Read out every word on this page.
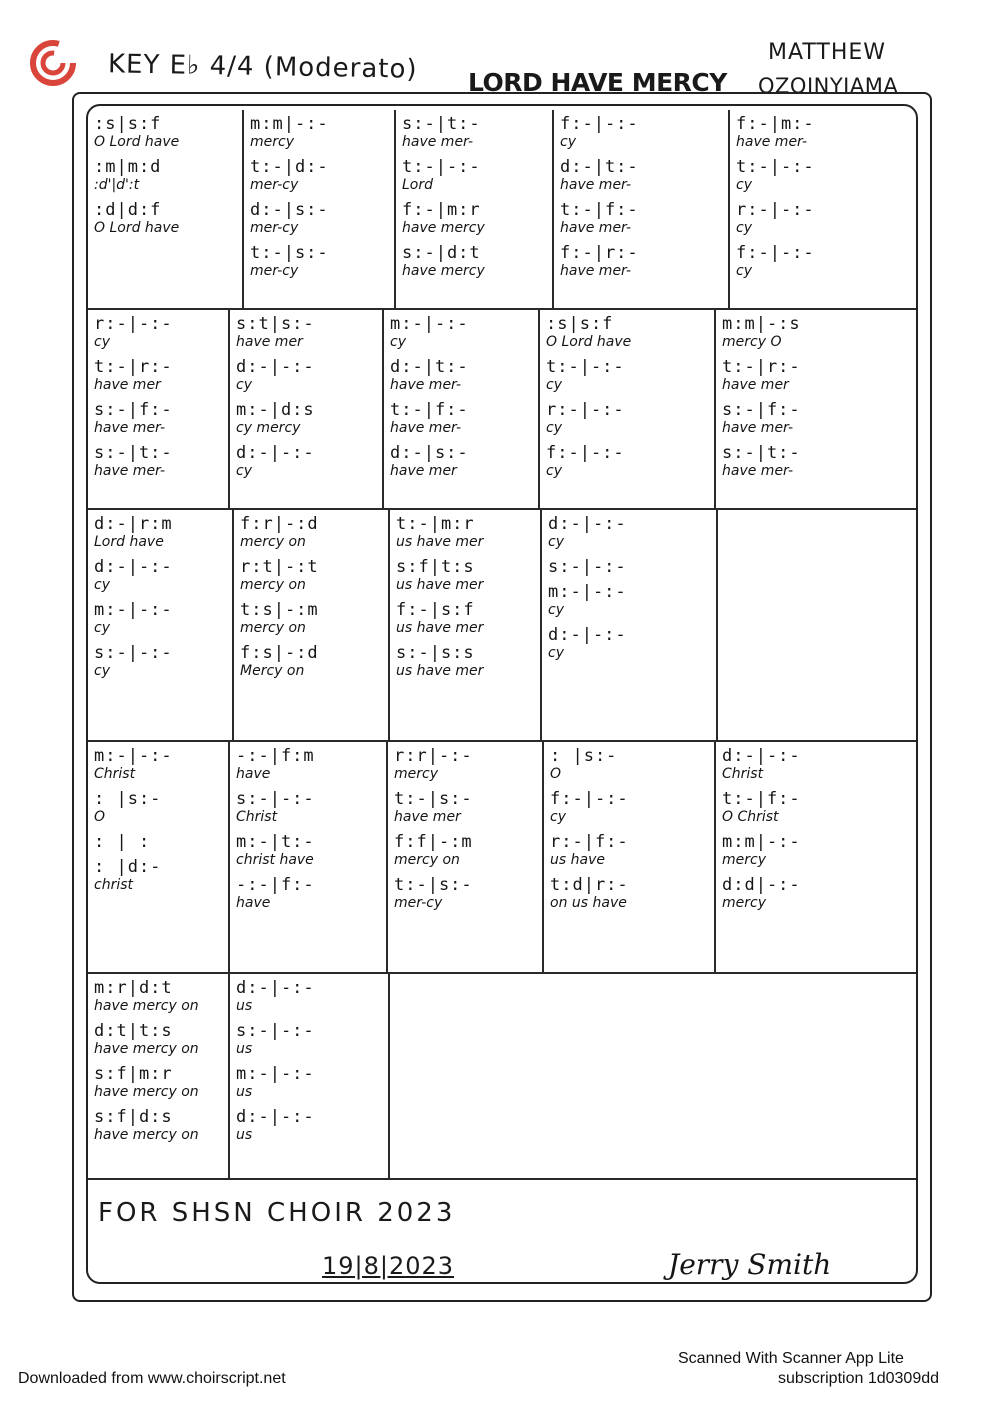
KEY E♭ 4/4 (Moderato) LORD HAVE MERCY
MATTHEW
OZOINYIAMA
:s|s:f
O Lord have
:m|m:d
:d'|d':t
:d|d:f
O Lord have
m:m|-:-
mercy
t:-|d:-
mer-cy
d:-|s:-
mer-cy
t:-|s:-
mer-cy
s:-|t:-
have mer-
t:-|-:-
Lord
f:-|m:r
have mercy
s:-|d:t
have mercy
f:-|-:-
cy
d:-|t:-
have mer-
t:-|f:-
have mer-
f:-|r:-
have mer-
f:-|m:-
have mer-
t:-|-:-
cy
r:-|-:-
cy
f:-|-:-
cy
r:-|-:-
cy
t:-|r:-
have mer
s:-|f:-
have mer-
s:-|t:-
have mer-
s:t|s:-
have mer
d:-|-:-
cy
m:-|d:s
cy mercy
d:-|-:-
cy
m:-|-:-
cy
d:-|t:-
have mer-
t:-|f:-
have mer-
d:-|s:-
have mer
:s|s:f
O Lord have
t:-|-:-
cy
r:-|-:-
cy
f:-|-:-
cy
m:m|-:s
mercy O
t:-|r:-
have mer
s:-|f:-
have mer-
s:-|t:-
have mer-
d:-|r:m
Lord have
d:-|-:-
cy
m:-|-:-
cy
s:-|-:-
cy
f:r|-:d
mercy on
r:t|-:t
mercy on
t:s|-:m
mercy on
f:s|-:d
Mercy on
t:-|m:r
us have mer
s:f|t:s
us have mer
f:-|s:f
us have mer
s:-|s:s
us have mer
d:-|-:-
cy
s:-|-:-
m:-|-:-
cy
d:-|-:-
cy
m:-|-:-
Christ
: |s:-
O
: | :
: |d:-
christ
-:-|f:m
have
s:-|-:-
Christ
m:-|t:-
christ have
-:-|f:-
have
r:r|-:-
mercy
t:-|s:-
have mer
f:f|-:m
mercy on
t:-|s:-
mer-cy
: |s:-
O
f:-|-:-
cy
r:-|f:-
us have
t:d|r:-
on us have
d:-|-:-
Christ
t:-|f:-
O Christ
m:m|-:-
mercy
d:d|-:-
mercy
m:r|d:t
have mercy on
d:t|t:s
have mercy on
s:f|m:r
have mercy on
s:f|d:s
have mercy on
d:-|-:-
us
s:-|-:-
us
m:-|-:-
us
d:-|-:-
us
FOR SHSN CHOIR 2023
19|8|2023	Jerry Smith
Downloaded from www.choirscript.net
Scanned With Scanner App Lite
subscription 1d0309dd
